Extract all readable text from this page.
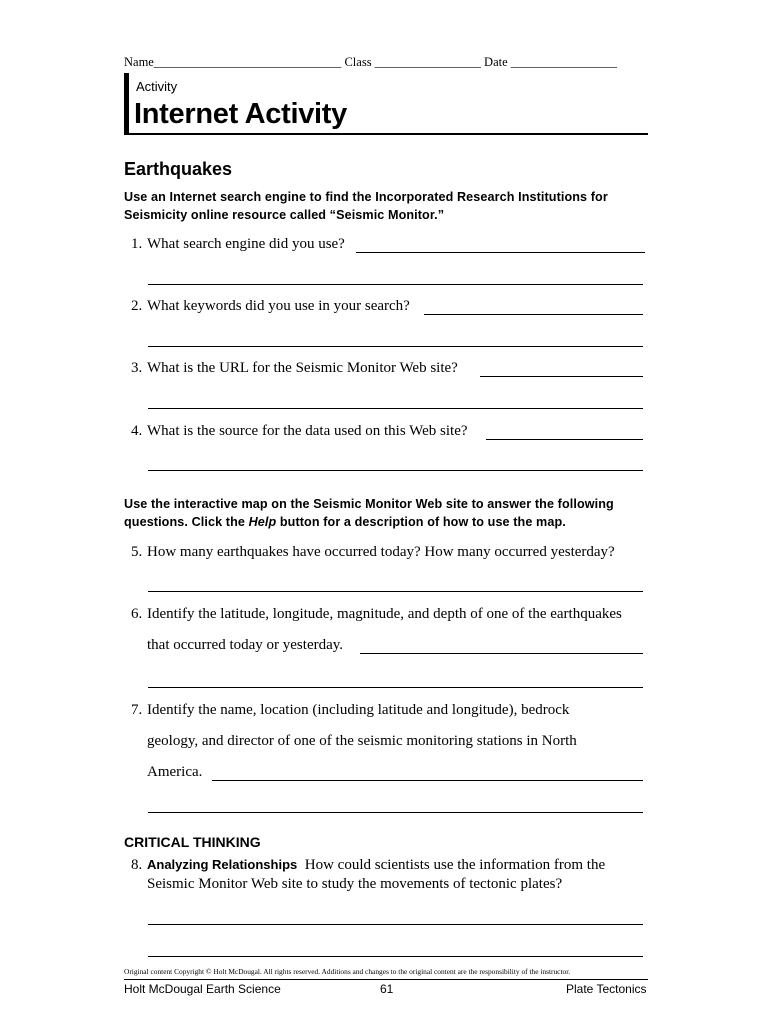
Name______________________________ Class _________________ Date _________________
Activity
Internet Activity
Earthquakes
Use an Internet search engine to find the Incorporated Research Institutions for
Seismicity online resource called “Seismic Monitor.”
1. What search engine did you use?
2. What keywords did you use in your search?
3. What is the URL for the Seismic Monitor Web site?
4. What is the source for the data used on this Web site?
Use the interactive map on the Seismic Monitor Web site to answer the following
questions. Click the Help button for a description of how to use the map.
5. How many earthquakes have occurred today? How many occurred yesterday?
6. Identify the latitude, longitude, magnitude, and depth of one of the earthquakes
that occurred today or yesterday.
7. Identify the name, location (including latitude and longitude), bedrock
geology, and director of one of the seismic monitoring stations in North
America.
CRITICAL THINKING
8. Analyzing Relationships How could scientists use the information from the
Seismic Monitor Web site to study the movements of tectonic plates?
Original content Copyright © Holt McDougal. All rights reserved. Additions and changes to the original content are the responsibility of the instructor.
Holt McDougal Earth Science	61	Plate Tectonics
